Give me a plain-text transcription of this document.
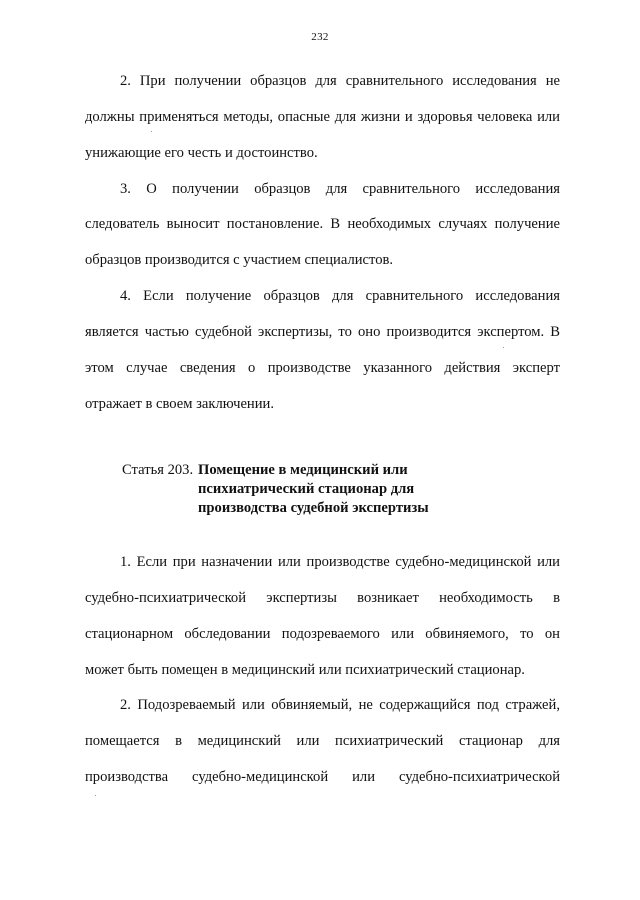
232
2. При получении образцов для сравнительного исследования не
должны применяться методы, опасные для жизни и здоровья человека или
унижающие его честь и достоинство.
3. О получении образцов для сравнительного исследования
следователь выносит постановление. В необходимых случаях получение
образцов производится с участием специалистов.
4. Если получение образцов для сравнительного исследования
является частью судебной экспертизы, то оно производится экспертом. В
этом случае сведения о производстве указанного действия эксперт
отражает в своем заключении.
Статья 203. Помещение в медицинский или
психиатрический стационар для
производства судебной экспертизы
1. Если при назначении или производстве судебно-медицинской или
судебно-психиатрической экспертизы возникает необходимость в
стационарном обследовании подозреваемого или обвиняемого, то он
может быть помещен в медицинский или психиатрический стационар.
2. Подозреваемый или обвиняемый, не содержащийся под стражей,
помещается в медицинский или психиатрический стационар для
производства судебно-медицинской или судебно-психиатрической
